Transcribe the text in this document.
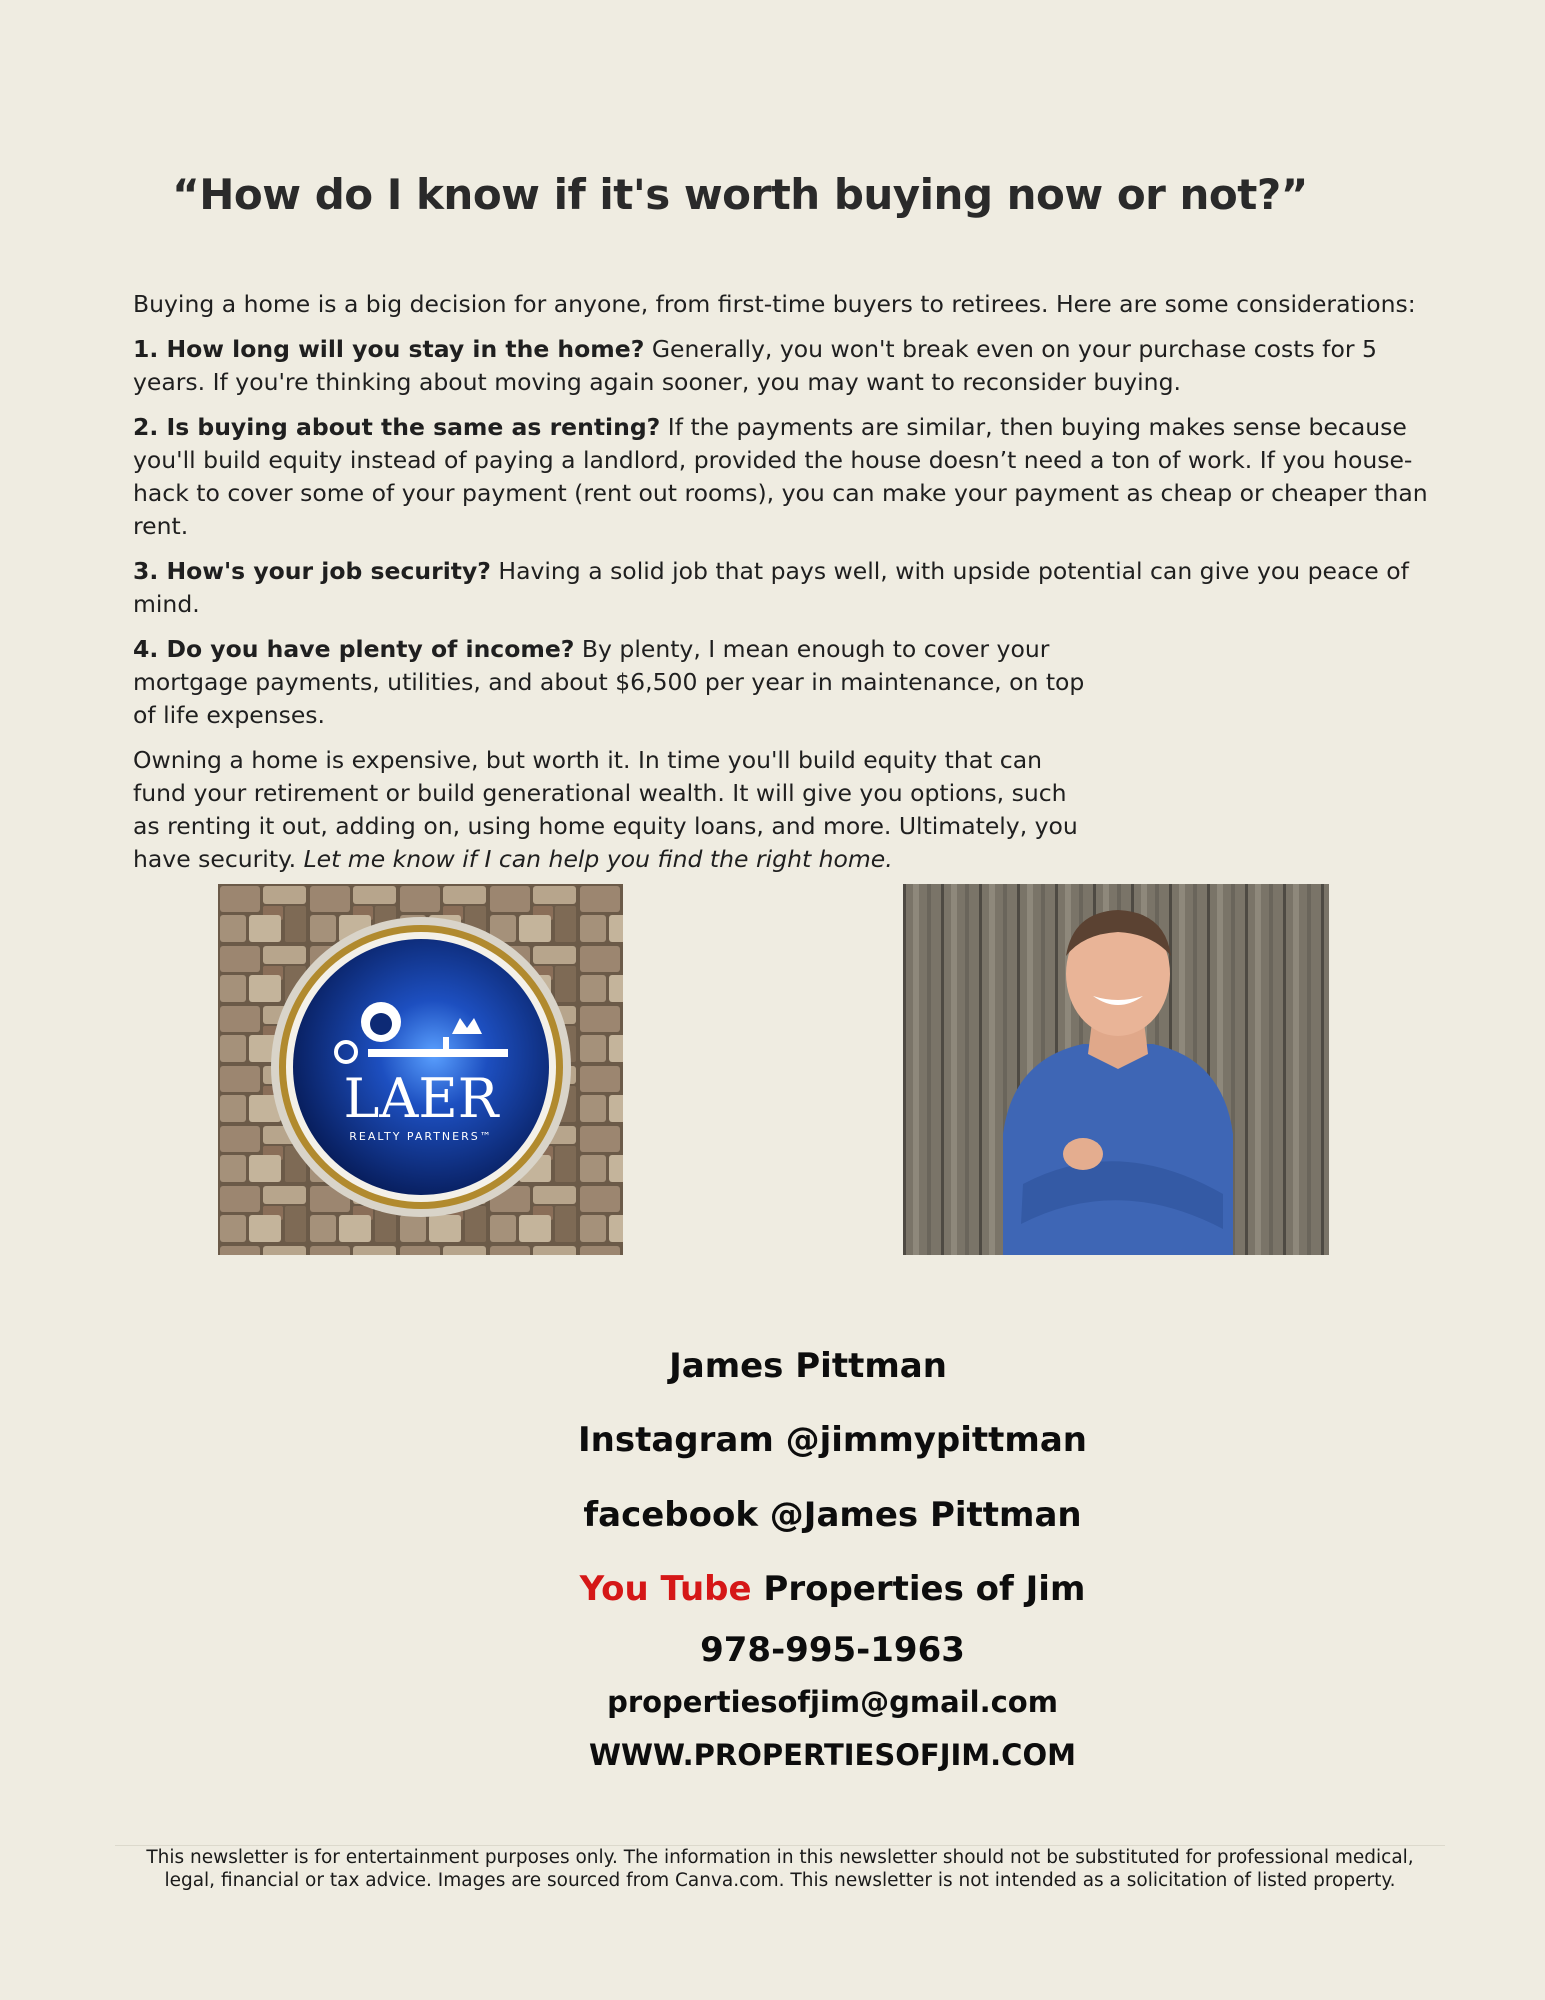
“How do I know if it's worth buying now or not?”

Buying a home is a big decision for anyone, from first-time buyers to retirees. Here are some considerations:

1. How long will you stay in the home? Generally, you won't break even on your purchase costs for 5 years. If you're thinking about moving again sooner, you may want to reconsider buying.

2. Is buying about the same as renting? If the payments are similar, then buying makes sense because you'll build equity instead of paying a landlord, provided the house doesn’t need a ton of work. If you house-hack to cover some of your payment (rent out rooms), you can make your payment as cheap or cheaper than rent.

3. How's your job security? Having a solid job that pays well, with upside potential can give you peace of mind.

4. Do you have plenty of income? By plenty, I mean enough to cover your mortgage payments, utilities, and about $6,500 per year in maintenance, on top of life expenses.

Owning a home is expensive, but worth it. In time you'll build equity that can fund your retirement or build generational wealth. It will give you options, such as renting it out, adding on, using home equity loans, and more. Ultimately, you have security. Let me know if I can help you find the right home.

LAER
REALTY PARTNERS™
James Pittman
Instagram @jimmypittman
facebook @James Pittman
You Tube Properties of Jim
978-995-1963
propertiesofjim@gmail.com
WWW.PROPERTIESOFJIM.COM
This newsletter is for entertainment purposes only. The information in this newsletter should not be substituted for professional medical, legal, financial or tax advice. Images are sourced from Canva.com. This newsletter is not intended as a solicitation of listed property.
